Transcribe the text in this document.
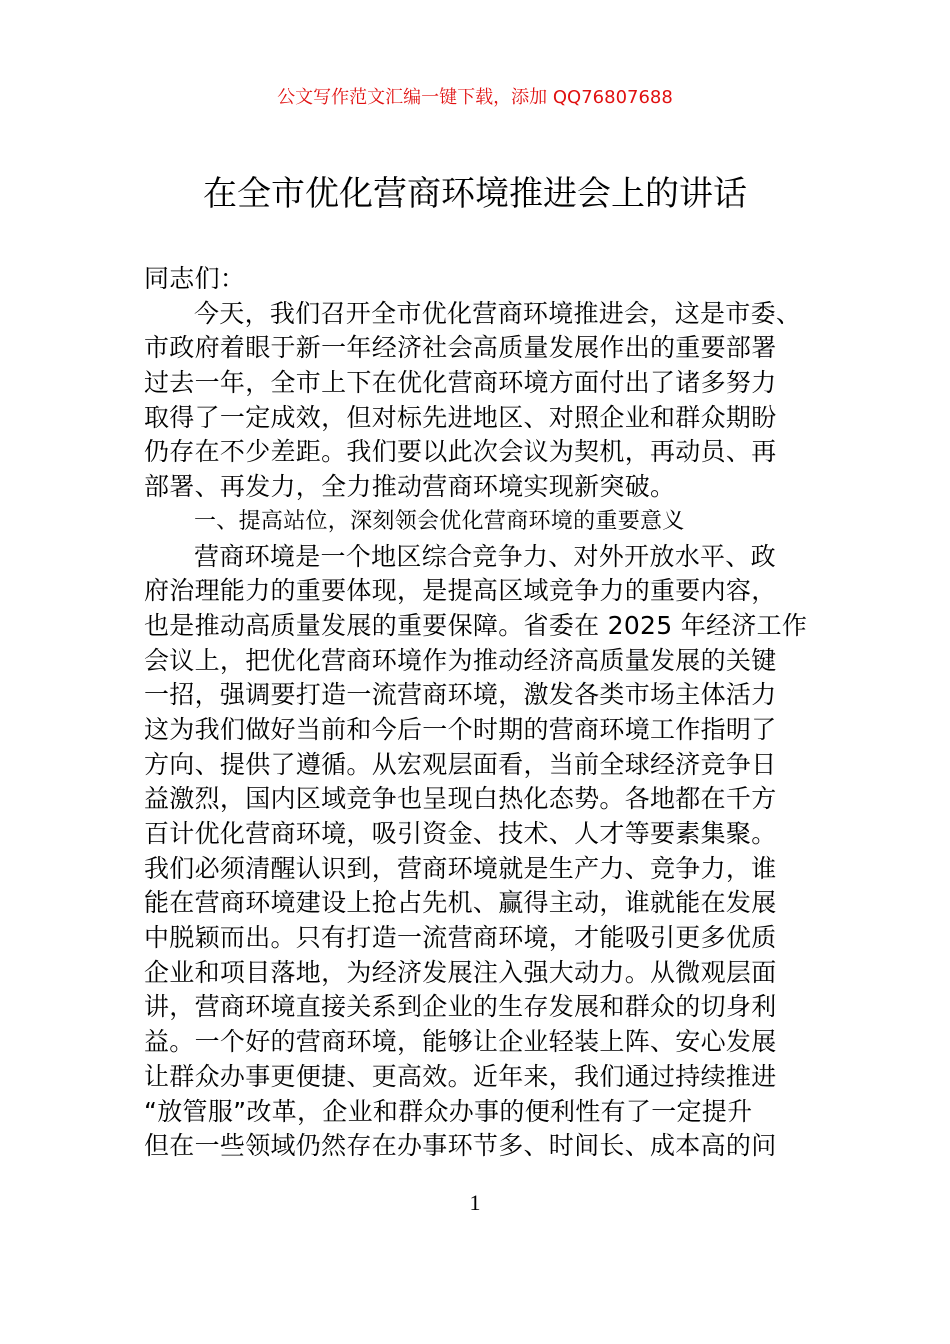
公文写作范文汇编一键下载，添加 QQ76807688
在全市优化营商环境推进会上的讲话
同志们：
今天，我们召开全市优化营商环境推进会，这是市委、
市政府着眼于新一年经济社会高质量发展作出的重要部署
过去一年，全市上下在优化营商环境方面付出了诸多努力
取得了一定成效，但对标先进地区、对照企业和群众期盼
仍存在不少差距。我们要以此次会议为契机，再动员、再
部署、再发力，全力推动营商环境实现新突破。
一、提高站位，深刻领会优化营商环境的重要意义
营商环境是一个地区综合竞争力、对外开放水平、政
府治理能力的重要体现，是提高区域竞争力的重要内容，
也是推动高质量发展的重要保障。省委在 2025 年经济工作
会议上，把优化营商环境作为推动经济高质量发展的关键
一招，强调要打造一流营商环境，激发各类市场主体活力
这为我们做好当前和今后一个时期的营商环境工作指明了
方向、提供了遵循。从宏观层面看，当前全球经济竞争日
益激烈，国内区域竞争也呈现白热化态势。各地都在千方
百计优化营商环境，吸引资金、技术、人才等要素集聚。
我们必须清醒认识到，营商环境就是生产力、竞争力，谁
能在营商环境建设上抢占先机、赢得主动，谁就能在发展
中脱颖而出。只有打造一流营商环境，才能吸引更多优质
企业和项目落地，为经济发展注入强大动力。从微观层面
讲，营商环境直接关系到企业的生存发展和群众的切身利
益。一个好的营商环境，能够让企业轻装上阵、安心发展
让群众办事更便捷、更高效。近年来，我们通过持续推进
“放管服”改革，企业和群众办事的便利性有了一定提升
但在一些领域仍然存在办事环节多、时间长、成本高的问
1
